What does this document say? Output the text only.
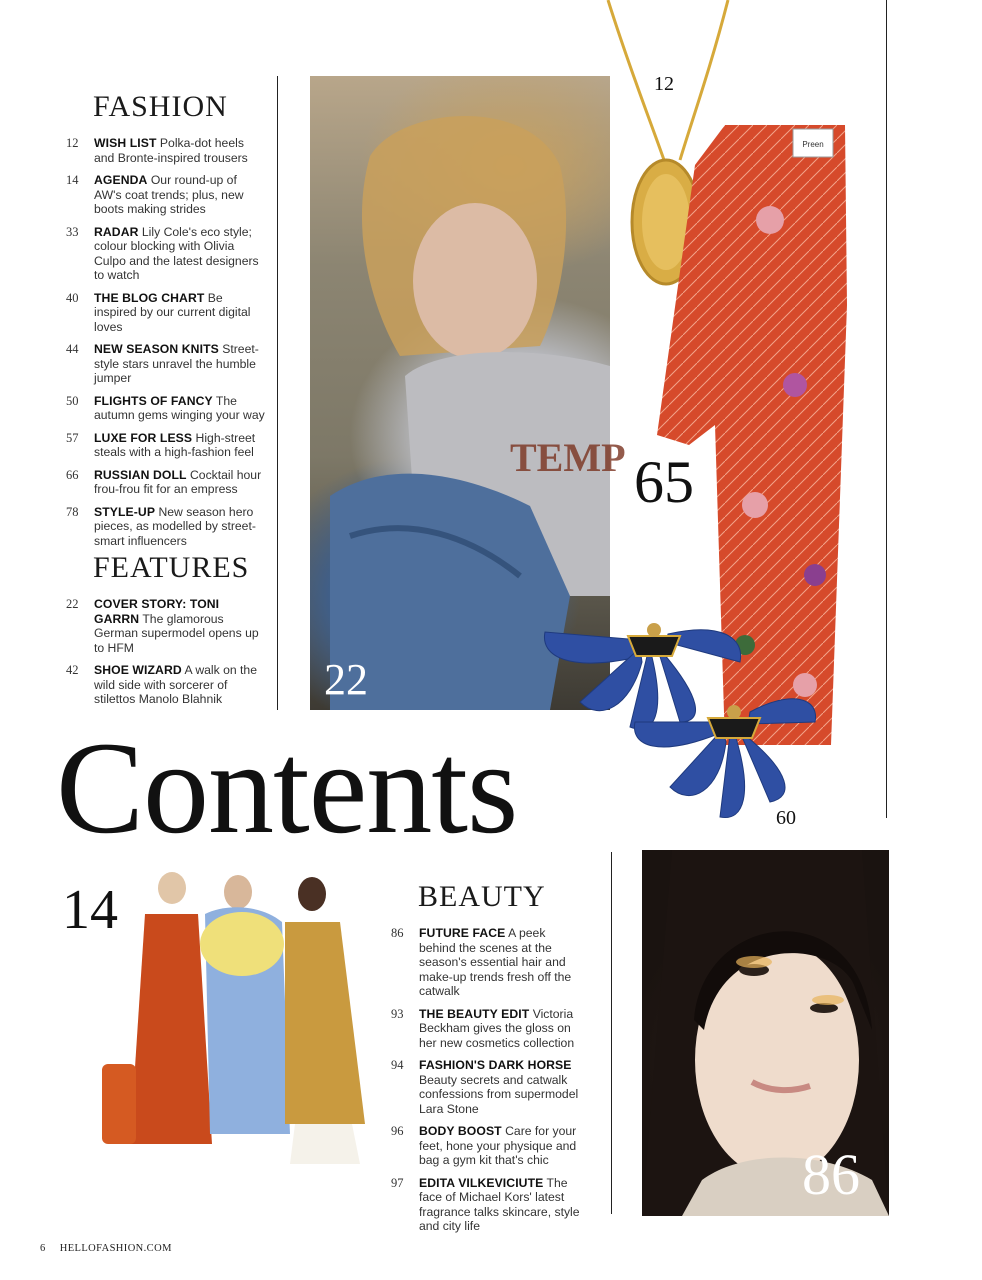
FASHION
12	WISH LIST Polka-dot heels and Bronte-inspired trousers
14	AGENDA Our round-up of AW's coat trends; plus, new boots making strides
33	RADAR Lily Cole's eco style; colour blocking with Olivia Culpo and the latest designers to watch
40	THE BLOG CHART Be inspired by our current digital loves
44	NEW SEASON KNITS Street-style stars unravel the humble jumper
50	FLIGHTS OF FANCY The autumn gems winging your way
57	LUXE FOR LESS High-street steals with a high-fashion feel
66	RUSSIAN DOLL Cocktail hour frou-frou fit for an empress
78	STYLE-UP New season hero pieces, as modelled by street-smart influencers
FEATURES
22	COVER STORY: TONI GARRN The glamorous German supermodel opens up to HFM
42	SHOE WIZARD A walk on the wild side with sorcerer of stilettos Manolo Blahnik
TEMP
22
12
Preen
65
60
Contents
14	BEAUTY
86	FUTURE FACE A peek behind the scenes at the season's essential hair and make-up trends fresh off the catwalk
93	THE BEAUTY EDIT Victoria Beckham gives the gloss on her new cosmetics collection
94	FASHION'S DARK HORSE Beauty secrets and catwalk confessions from supermodel Lara Stone
96	BODY BOOST Care for your feet, hone your physique and bag a gym kit that's chic
97	EDITA VILKEVICIUTE The face of Michael Kors' latest fragrance talks skincare, style and city life
86
6 HELLOFASHION.COM
